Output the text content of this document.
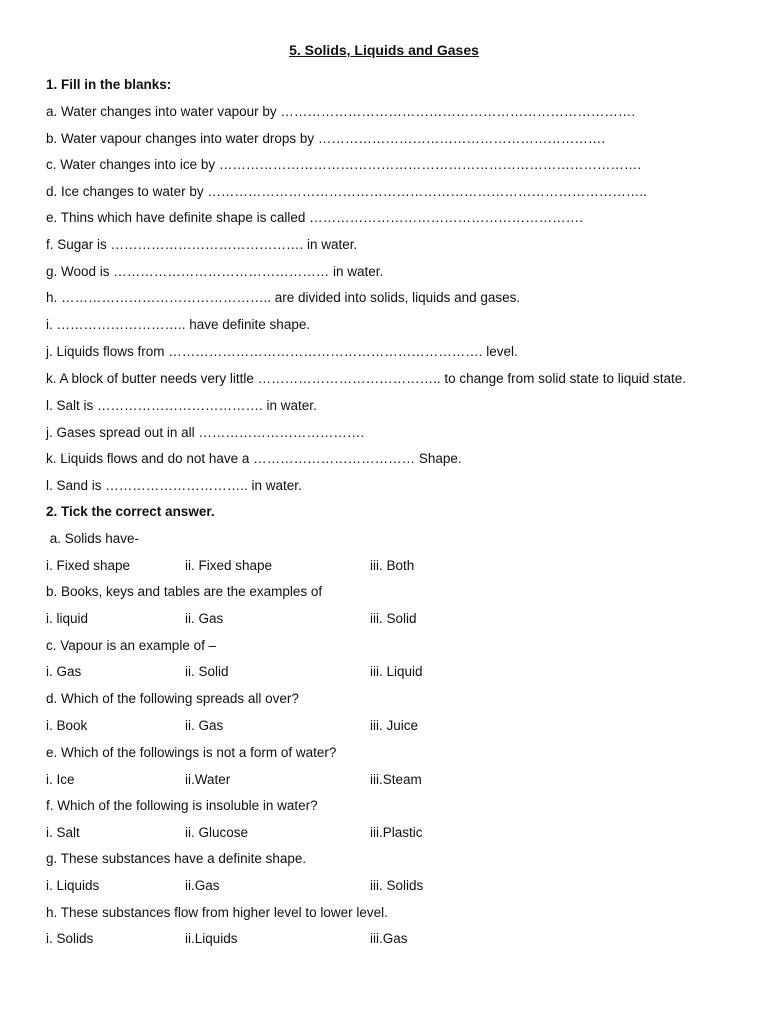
5. Solids, Liquids and Gases
1. Fill in the blanks:
a. Water changes into water vapour by …………………………………………………………………….
b. Water vapour changes into water drops by ……………………………………………………….
c. Water changes into ice by ………………………………………………………………………………….
d. Ice changes to water by ……………………………………………………………………………………..
e. Thins which have definite shape is called …………………………………………………….
f. Sugar is ……………………………………. in water.
g. Wood is ………………………………………… in water.
h. ……………………………………….. are divided into solids, liquids and gases.
i. ……………………….. have definite shape.
j. Liquids flows from ……………………………………………………………. level.
k. A block of butter needs very little ………………………………….. to change from solid state to liquid state.
l. Salt is ………………………………. in water.
j. Gases spread out in all ……………………………….
k. Liquids flows and do not have a ……………………………… Shape.
l. Sand is ………………………….. in water.
2. Tick the correct answer.
a. Solids have-
i. Fixed shape	ii. Fixed shape	iii. Both
b. Books, keys and tables are the examples of
i. liquid	ii. Gas	iii. Solid
c. Vapour is an example of –
i. Gas	ii. Solid	iii. Liquid
d. Which of the following spreads all over?
i. Book	ii. Gas	iii. Juice
e. Which of the followings is not a form of water?
i. Ice	ii.Water	iii.Steam
f. Which of the following is insoluble in water?
i. Salt	ii. Glucose	iii.Plastic
g. These substances have a definite shape.
i. Liquids	ii.Gas	iii. Solids
h. These substances flow from higher level to lower level.
i. Solids	ii.Liquids	iii.Gas
